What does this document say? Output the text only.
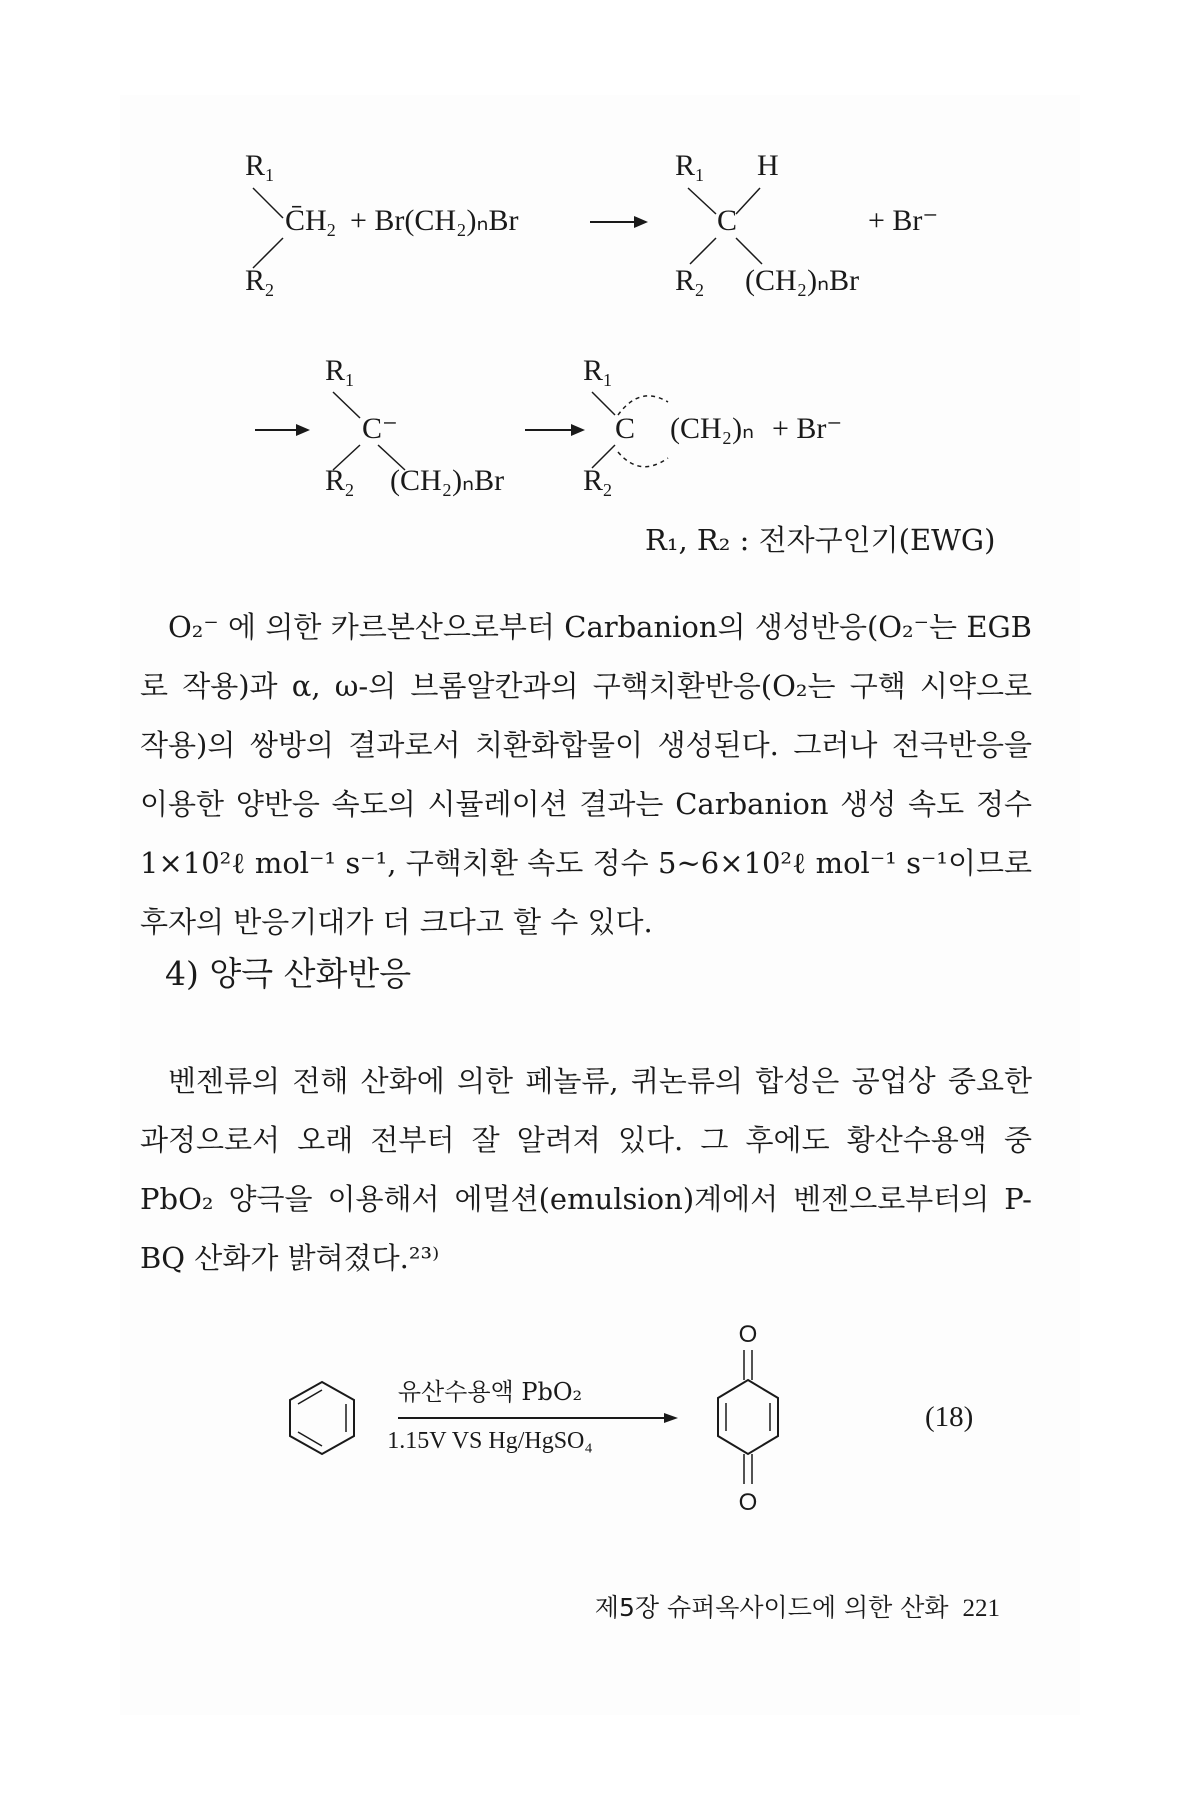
$R_1$
$C̄H_2$
$R_2$
+ Br(CH₂)ₙBr
$R_1$ H
C
$R_2$ (CH₂)ₙBr
+ Br⁻
$R_1$
C⁻
$R_2$ (CH₂)ₙBr
$R_1$
C
$R_2$
(CH₂)ₙ + Br⁻
R₁, R₂ : 전자구인기(EWG)

O₂⁻ 에 의한 카르본산으로부터 Carbanion의 생성반응(O₂⁻는 EGB로 작용)과 α, ω-의 브롬알칸과의 구핵치환반응(O₂는 구핵 시약으로 작용)의 쌍방의 결과로서 치환화합물이 생성된다. 그러나 전극반응을 이용한 양반응 속도의 시뮬레이션 결과는 Carbanion 생성 속도 정수 1×10²ℓ mol⁻¹ s⁻¹, 구핵치환 속도 정수 5~6×10²ℓ mol⁻¹ s⁻¹이므로 후자의 반응기대가 더 크다고 할 수 있다.

4) 양극 산화반응

벤젠류의 전해 산화에 의한 페놀류, 퀴논류의 합성은 공업상 중요한 과정으로서 오래 전부터 잘 알려져 있다. 그 후에도 황산수용액 중 PbO₂ 양극을 이용해서 에멀션(emulsion)계에서 벤젠으로부터의 P-BQ 산화가 밝혀졌다.²³⁾

유산수용액 PbO₂
1.15V VS Hg/HgSO₄
O
O
(18)
제5장 슈퍼옥사이드에 의한 산화 221
